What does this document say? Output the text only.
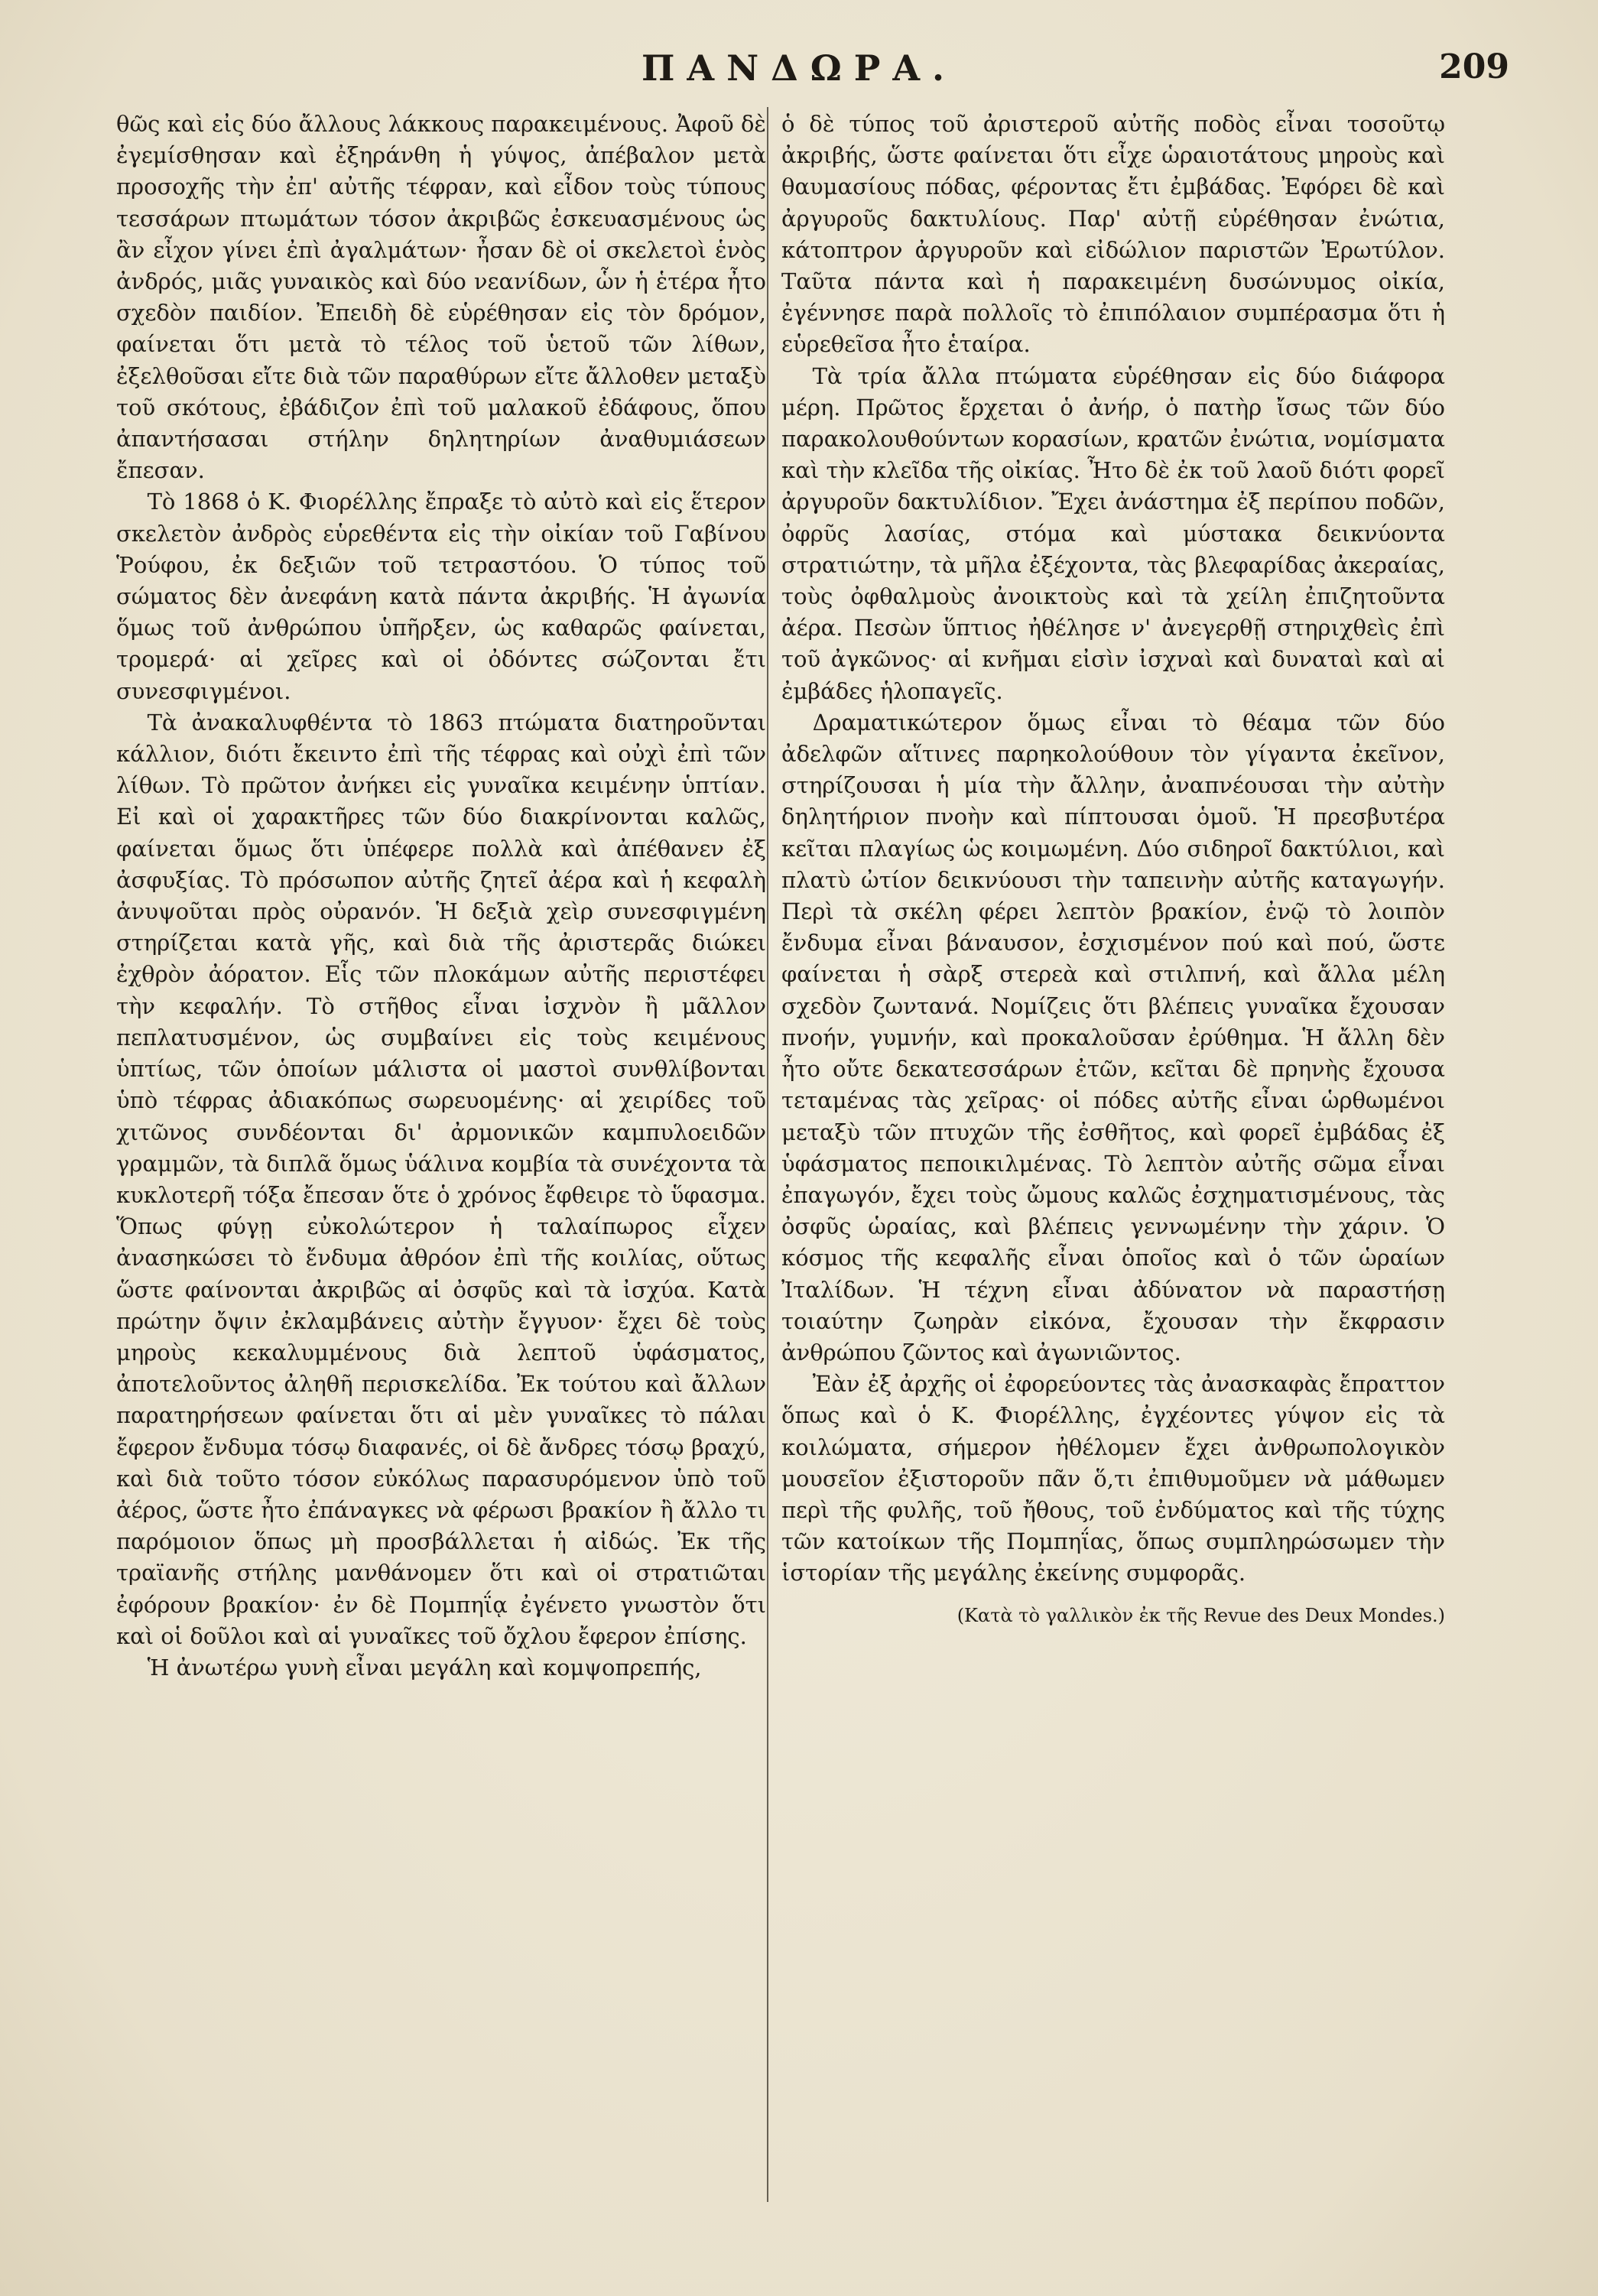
ΠΑΝΔΩΡΑ.	209

θῶς καὶ εἰς δύο ἄλλους λάκκους παρακειμένους. Ἀφοῦ δὲ ἐγεμίσθησαν καὶ ἐξηράνθη ἡ γύψος, ἀπέβαλον μετὰ προσοχῆς τὴν ἐπ' αὐτῆς τέφραν, καὶ εἶδον τοὺς τύπους τεσσάρων πτωμάτων τόσον ἀκριβῶς ἐσκευασμένους ὡς ἂν εἶχον γίνει ἐπὶ ἀγαλμάτων· ἦσαν δὲ οἱ σκελετοὶ ἑνὸς ἀνδρός, μιᾶς γυναικὸς καὶ δύο νεανίδων, ὧν ἡ ἑτέρα ἦτο σχεδὸν παιδίον. Ἐπειδὴ δὲ εὑρέθησαν εἰς τὸν δρόμον, φαίνεται ὅτι μετὰ τὸ τέλος τοῦ ὑετοῦ τῶν λίθων, ἐξελθοῦσαι εἴτε διὰ τῶν παραθύρων εἴτε ἄλλοθεν μεταξὺ τοῦ σκότους, ἐβάδιζον ἐπὶ τοῦ μαλακοῦ ἐδάφους, ὅπου ἀπαντήσασαι στήλην δηλητηρίων ἀναθυμιάσεων ἔπεσαν.

Τὸ 1868 ὁ Κ. Φιορέλλης ἔπραξε τὸ αὐτὸ καὶ εἰς ἕτερον σκελετὸν ἀνδρὸς εὑρεθέντα εἰς τὴν οἰκίαν τοῦ Γαβίνου Ῥούφου, ἐκ δεξιῶν τοῦ τετραστόου. Ὁ τύπος τοῦ σώματος δὲν ἀνεφάνη κατὰ πάντα ἀκριβής. Ἡ ἀγωνία ὅμως τοῦ ἀνθρώπου ὑπῆρξεν, ὡς καθαρῶς φαίνεται, τρομερά· αἱ χεῖρες καὶ οἱ ὀδόντες σώζονται ἔτι συνεσφιγμένοι.

Τὰ ἀνακαλυφθέντα τὸ 1863 πτώματα διατηροῦνται κάλλιον, διότι ἔκειντο ἐπὶ τῆς τέφρας καὶ οὐχὶ ἐπὶ τῶν λίθων. Τὸ πρῶτον ἀνήκει εἰς γυναῖκα κειμένην ὑπτίαν. Εἰ καὶ οἱ χαρακτῆρες τῶν δύο διακρίνονται καλῶς, φαίνεται ὅμως ὅτι ὑπέφερε πολλὰ καὶ ἀπέθανεν ἐξ ἀσφυξίας. Τὸ πρόσωπον αὐτῆς ζητεῖ ἀέρα καὶ ἡ κεφαλὴ ἀνυψοῦται πρὸς οὐρανόν. Ἡ δεξιὰ χεὶρ συνεσφιγμένη στηρίζεται κατὰ γῆς, καὶ διὰ τῆς ἀριστερᾶς διώκει ἐχθρὸν ἀόρατον. Εἷς τῶν πλοκάμων αὐτῆς περιστέφει τὴν κεφαλήν. Τὸ στῆθος εἶναι ἰσχνὸν ἢ μᾶλλον πεπλατυσμένον, ὡς συμβαίνει εἰς τοὺς κειμένους ὑπτίως, τῶν ὁποίων μάλιστα οἱ μαστοὶ συνθλίβονται ὑπὸ τέφρας ἀδιακόπως σωρευομένης· αἱ χειρίδες τοῦ χιτῶνος συνδέονται δι' ἀρμονικῶν καμπυλοειδῶν γραμμῶν, τὰ διπλᾶ ὅμως ὑάλινα κομβία τὰ συνέχοντα τὰ κυκλοτερῆ τόξα ἔπεσαν ὅτε ὁ χρόνος ἔφθειρε τὸ ὕφασμα. Ὅπως φύγῃ εὐκολώτερον ἡ ταλαίπωρος εἶχεν ἀνασηκώσει τὸ ἔνδυμα ἀθρόον ἐπὶ τῆς κοιλίας, οὕτως ὥστε φαίνονται ἀκριβῶς αἱ ὀσφῦς καὶ τὰ ἰσχύα. Κατὰ πρώτην ὄψιν ἐκλαμβάνεις αὐτὴν ἔγγυον· ἔχει δὲ τοὺς μηροὺς κεκαλυμμένους διὰ λεπτοῦ ὑφάσματος, ἀποτελοῦντος ἀληθῆ περισκελίδα. Ἐκ τούτου καὶ ἄλλων παρατηρήσεων φαίνεται ὅτι αἱ μὲν γυναῖκες τὸ πάλαι ἔφερον ἔνδυμα τόσῳ διαφανές, οἱ δὲ ἄνδρες τόσῳ βραχύ, καὶ διὰ τοῦτο τόσον εὐκόλως παρασυρόμενον ὑπὸ τοῦ ἀέρος, ὥστε ἦτο ἐπάναγκες νὰ φέρωσι βρακίον ἢ ἄλλο τι παρόμοιον ὅπως μὴ προσβάλλεται ἡ αἰδώς. Ἐκ τῆς τραϊανῆς στήλης μανθάνομεν ὅτι καὶ οἱ στρατιῶται ἐφόρουν βρακίον· ἐν δὲ Πομπηΐᾳ ἐγένετο γνωστὸν ὅτι καὶ οἱ δοῦλοι καὶ αἱ γυναῖκες τοῦ ὄχλου ἔφερον ἐπίσης.

Ἡ ἀνωτέρω γυνὴ εἶναι μεγάλη καὶ κομψοπρεπής,

ὁ δὲ τύπος τοῦ ἀριστεροῦ αὐτῆς ποδὸς εἶναι τοσοῦτῳ ἀκριβής, ὥστε φαίνεται ὅτι εἶχε ὡραιοτάτους μηροὺς καὶ θαυμασίους πόδας, φέροντας ἔτι ἐμβάδας. Ἐφόρει δὲ καὶ ἀργυροῦς δακτυλίους. Παρ' αὐτῇ εὑρέθησαν ἐνώτια, κάτοπτρον ἀργυροῦν καὶ εἰδώλιον παριστῶν Ἐρωτύλον. Ταῦτα πάντα καὶ ἡ παρακειμένη δυσώνυμος οἰκία, ἐγέννησε παρὰ πολλοῖς τὸ ἐπιπόλαιον συμπέρασμα ὅτι ἡ εὑρεθεῖσα ἦτο ἑταίρα.

Τὰ τρία ἄλλα πτώματα εὑρέθησαν εἰς δύο διάφορα μέρη. Πρῶτος ἔρχεται ὁ ἀνήρ, ὁ πατὴρ ἴσως τῶν δύο παρακολουθούντων κορασίων, κρατῶν ἐνώτια, νομίσματα καὶ τὴν κλεῖδα τῆς οἰκίας. Ἦτο δὲ ἐκ τοῦ λαοῦ διότι φορεῖ ἀργυροῦν δακτυλίδιον. Ἔχει ἀνάστημα ἐξ περίπου ποδῶν, ὀφρῦς λασίας, στόμα καὶ μύστακα δεικνύοντα στρατιώτην, τὰ μῆλα ἐξέχοντα, τὰς βλεφαρίδας ἀκεραίας, τοὺς ὀφθαλμοὺς ἀνοικτοὺς καὶ τὰ χείλη ἐπιζητοῦντα ἀέρα. Πεσὼν ὕπτιος ἠθέλησε ν' ἀνεγερθῇ στηριχθεὶς ἐπὶ τοῦ ἀγκῶνος· αἱ κνῆμαι εἰσὶν ἰσχναὶ καὶ δυναταὶ καὶ αἱ ἐμβάδες ἡλοπαγεῖς.

Δραματικώτερον ὅμως εἶναι τὸ θέαμα τῶν δύο ἀδελφῶν αἵτινες παρηκολούθουν τὸν γίγαντα ἐκεῖνον, στηρίζουσαι ἡ μία τὴν ἄλλην, ἀναπνέουσαι τὴν αὐτὴν δηλητήριον πνοὴν καὶ πίπτουσαι ὁμοῦ. Ἡ πρεσβυτέρα κεῖται πλαγίως ὡς κοιμωμένη. Δύο σιδηροῖ δακτύλιοι, καὶ πλατὺ ὠτίον δεικνύουσι τὴν ταπεινὴν αὐτῆς καταγωγήν. Περὶ τὰ σκέλη φέρει λεπτὸν βρακίον, ἐνῷ τὸ λοιπὸν ἔνδυμα εἶναι βάναυσον, ἐσχισμένον πού καὶ πού, ὥστε φαίνεται ἡ σὰρξ στερεὰ καὶ στιλπνή, καὶ ἄλλα μέλη σχεδὸν ζωντανά. Νομίζεις ὅτι βλέπεις γυναῖκα ἔχουσαν πνοήν, γυμνήν, καὶ προκαλοῦσαν ἐρύθημα. Ἡ ἄλλη δὲν ἦτο οὔτε δεκατεσσάρων ἐτῶν, κεῖται δὲ πρηνὴς ἔχουσα τεταμένας τὰς χεῖρας· οἱ πόδες αὐτῆς εἶναι ὡρθωμένοι μεταξὺ τῶν πτυχῶν τῆς ἐσθῆτος, καὶ φορεῖ ἐμβάδας ἐξ ὑφάσματος πεποικιλμένας. Τὸ λεπτὸν αὐτῆς σῶμα εἶναι ἐπαγωγόν, ἔχει τοὺς ὤμους καλῶς ἐσχηματισμένους, τὰς ὀσφῦς ὡραίας, καὶ βλέπεις γεννωμένην τὴν χάριν. Ὁ κόσμος τῆς κεφαλῆς εἶναι ὁποῖος καὶ ὁ τῶν ὡραίων Ἰταλίδων. Ἡ τέχνη εἶναι ἀδύνατον νὰ παραστήσῃ τοιαύτην ζωηρὰν εἰκόνα, ἔχουσαν τὴν ἔκφρασιν ἀνθρώπου ζῶντος καὶ ἀγωνιῶντος.

Ἐὰν ἐξ ἀρχῆς οἱ ἐφορεύοντες τὰς ἀνασκαφὰς ἔπραττον ὅπως καὶ ὁ Κ. Φιορέλλης, ἐγχέοντες γύψον εἰς τὰ κοιλώματα, σήμερον ἠθέλομεν ἔχει ἀνθρωπολογικὸν μουσεῖον ἐξιστοροῦν πᾶν ὅ,τι ἐπιθυμοῦμεν νὰ μάθωμεν περὶ τῆς φυλῆς, τοῦ ἤθους, τοῦ ἐνδύματος καὶ τῆς τύχης τῶν κατοίκων τῆς Πομπηΐας, ὅπως συμπληρώσωμεν τὴν ἱστορίαν τῆς μεγάλης ἐκείνης συμφορᾶς.

(Κατὰ τὸ γαλλικὸν ἐκ τῆς Revue des Deux Mondes.)
